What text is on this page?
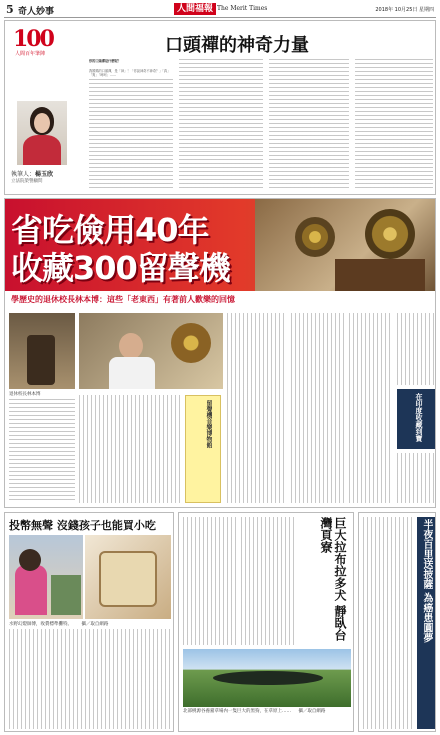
5 奇人妙事	人間福報 The Merit Times	2018年 10月25日 星期四
100
人間百年筆陣	口頭禪的神奇力量
執筆人：楊玉欣
立法院榮譽顧問
你的口頭禪是什麼呢？
我媽媽的口頭禪，是「神」！「你說神奇不神奇？」「真」「爽」「呵呵」……
省吃儉用40年
收藏300留聲機
學歷史的退休校長林本博：這些「老東西」有著前人歡樂的回憶
退休校長林本博
留聲機音樂博物館	在印度收藏到寶
投幣無聲 沒錢孩子也能買小吃
水野幻燈師傅，收費標準攤特。 攝／取自網路	巨大拉布拉多犬 靜臥台灣頁寮
北部桃源谷養豬草場內一隻巨大的黑狗，在草原上…… 攝／取自網路
半夜百里送披薩 為癌患圓夢
